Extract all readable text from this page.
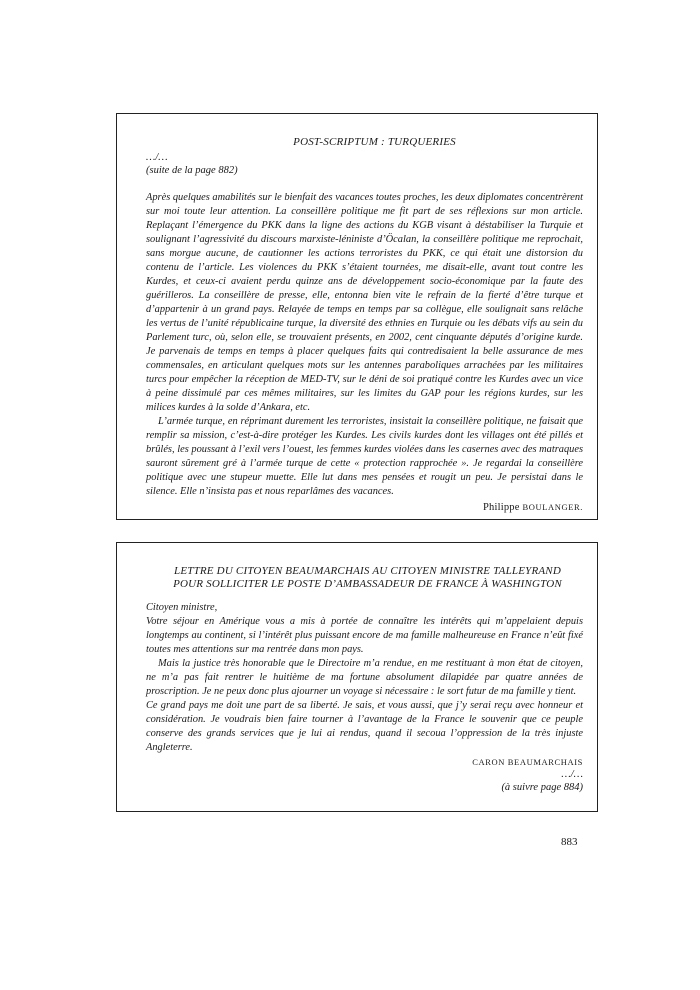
POST-SCRIPTUM : TURQUERIES

…/…

(suite de la page 882)

Après quelques amabilités sur le bienfait des vacances toutes proches, les deux diplomates concentrèrent sur moi toute leur attention. La conseillère politique me fit part de ses réflexions sur mon article. Replaçant l’émergence du PKK dans la ligne des actions du KGB visant à déstabiliser la Turquie et soulignant l’agressivité du discours marxiste-léniniste d’Öcalan, la conseillère politique me reprochait, sans morgue aucune, de cautionner les actions terroristes du PKK, ce qui était une distorsion du contenu de l’article. Les violences du PKK s’étaient tournées, me disait-elle, avant tout contre les Kurdes, et ceux-ci avaient perdu quinze ans de développement socio-économique par la faute des guérilleros. La conseillère de presse, elle, entonna bien vite le refrain de la fierté d’être turque et d’appartenir à un grand pays. Relayée de temps en temps par sa collègue, elle soulignait sans relâche les vertus de l’unité républicaine turque, la diversité des ethnies en Turquie ou les débats vifs au sein du Parlement turc, où, selon elle, se trouvaient présents, en 2002, cent cinquante députés d’origine kurde. Je parvenais de temps en temps à placer quelques faits qui contredisaient la belle assurance de mes commensales, en articulant quelques mots sur les antennes paraboliques arrachées par les militaires turcs pour empêcher la réception de MED-TV, sur le déni de soi pratiqué contre les Kurdes avec un vice à peine dissimulé par ces mêmes militaires, sur les limites du GAP pour les régions kurdes, sur les milices kurdes à la solde d’Ankara, etc.

L’armée turque, en réprimant durement les terroristes, insistait la conseillère politique, ne faisait que remplir sa mission, c’est-à-dire protéger les Kurdes. Les civils kurdes dont les villages ont été pillés et brûlés, les poussant à l’exil vers l’ouest, les femmes kurdes violées dans les casernes avec des matraques sauront sûrement gré à l’armée turque de cette « protection rapprochée ». Je regardai la conseillère politique avec une stupeur muette. Elle lut dans mes pensées et rougit un peu. Je persistai dans le silence. Elle n’insista pas et nous reparlâmes des vacances.

Philippe BOULANGER.

LETTRE DU CITOYEN BEAUMARCHAIS AU CITOYEN MINISTRE TALLEYRAND
POUR SOLLICITER LE POSTE D’AMBASSADEUR DE FRANCE À WASHINGTON

Citoyen ministre,

Votre séjour en Amérique vous a mis à portée de connaître les intérêts qui m’appelaient depuis longtemps au continent, si l’intérêt plus puissant encore de ma famille malheureuse en France n’eût fixé toutes mes attentions sur ma rentrée dans mon pays.

Mais la justice très honorable que le Directoire m’a rendue, en me restituant à mon état de citoyen, ne m’a pas fait rentrer le huitième de ma fortune absolument dilapidée par quatre années de proscription. Je ne peux donc plus ajourner un voyage si nécessaire : le sort futur de ma famille y tient.

Ce grand pays me doit une part de sa liberté. Je sais, et vous aussi, que j’y serai reçu avec honneur et considération. Je voudrais bien faire tourner à l’avantage de la France le souvenir que ce peuple conserve des grands services que je lui ai rendus, quand il secoua l’oppression de la très injuste Angleterre.

CARON BEAUMARCHAIS

…/…

(à suivre page 884)

883
